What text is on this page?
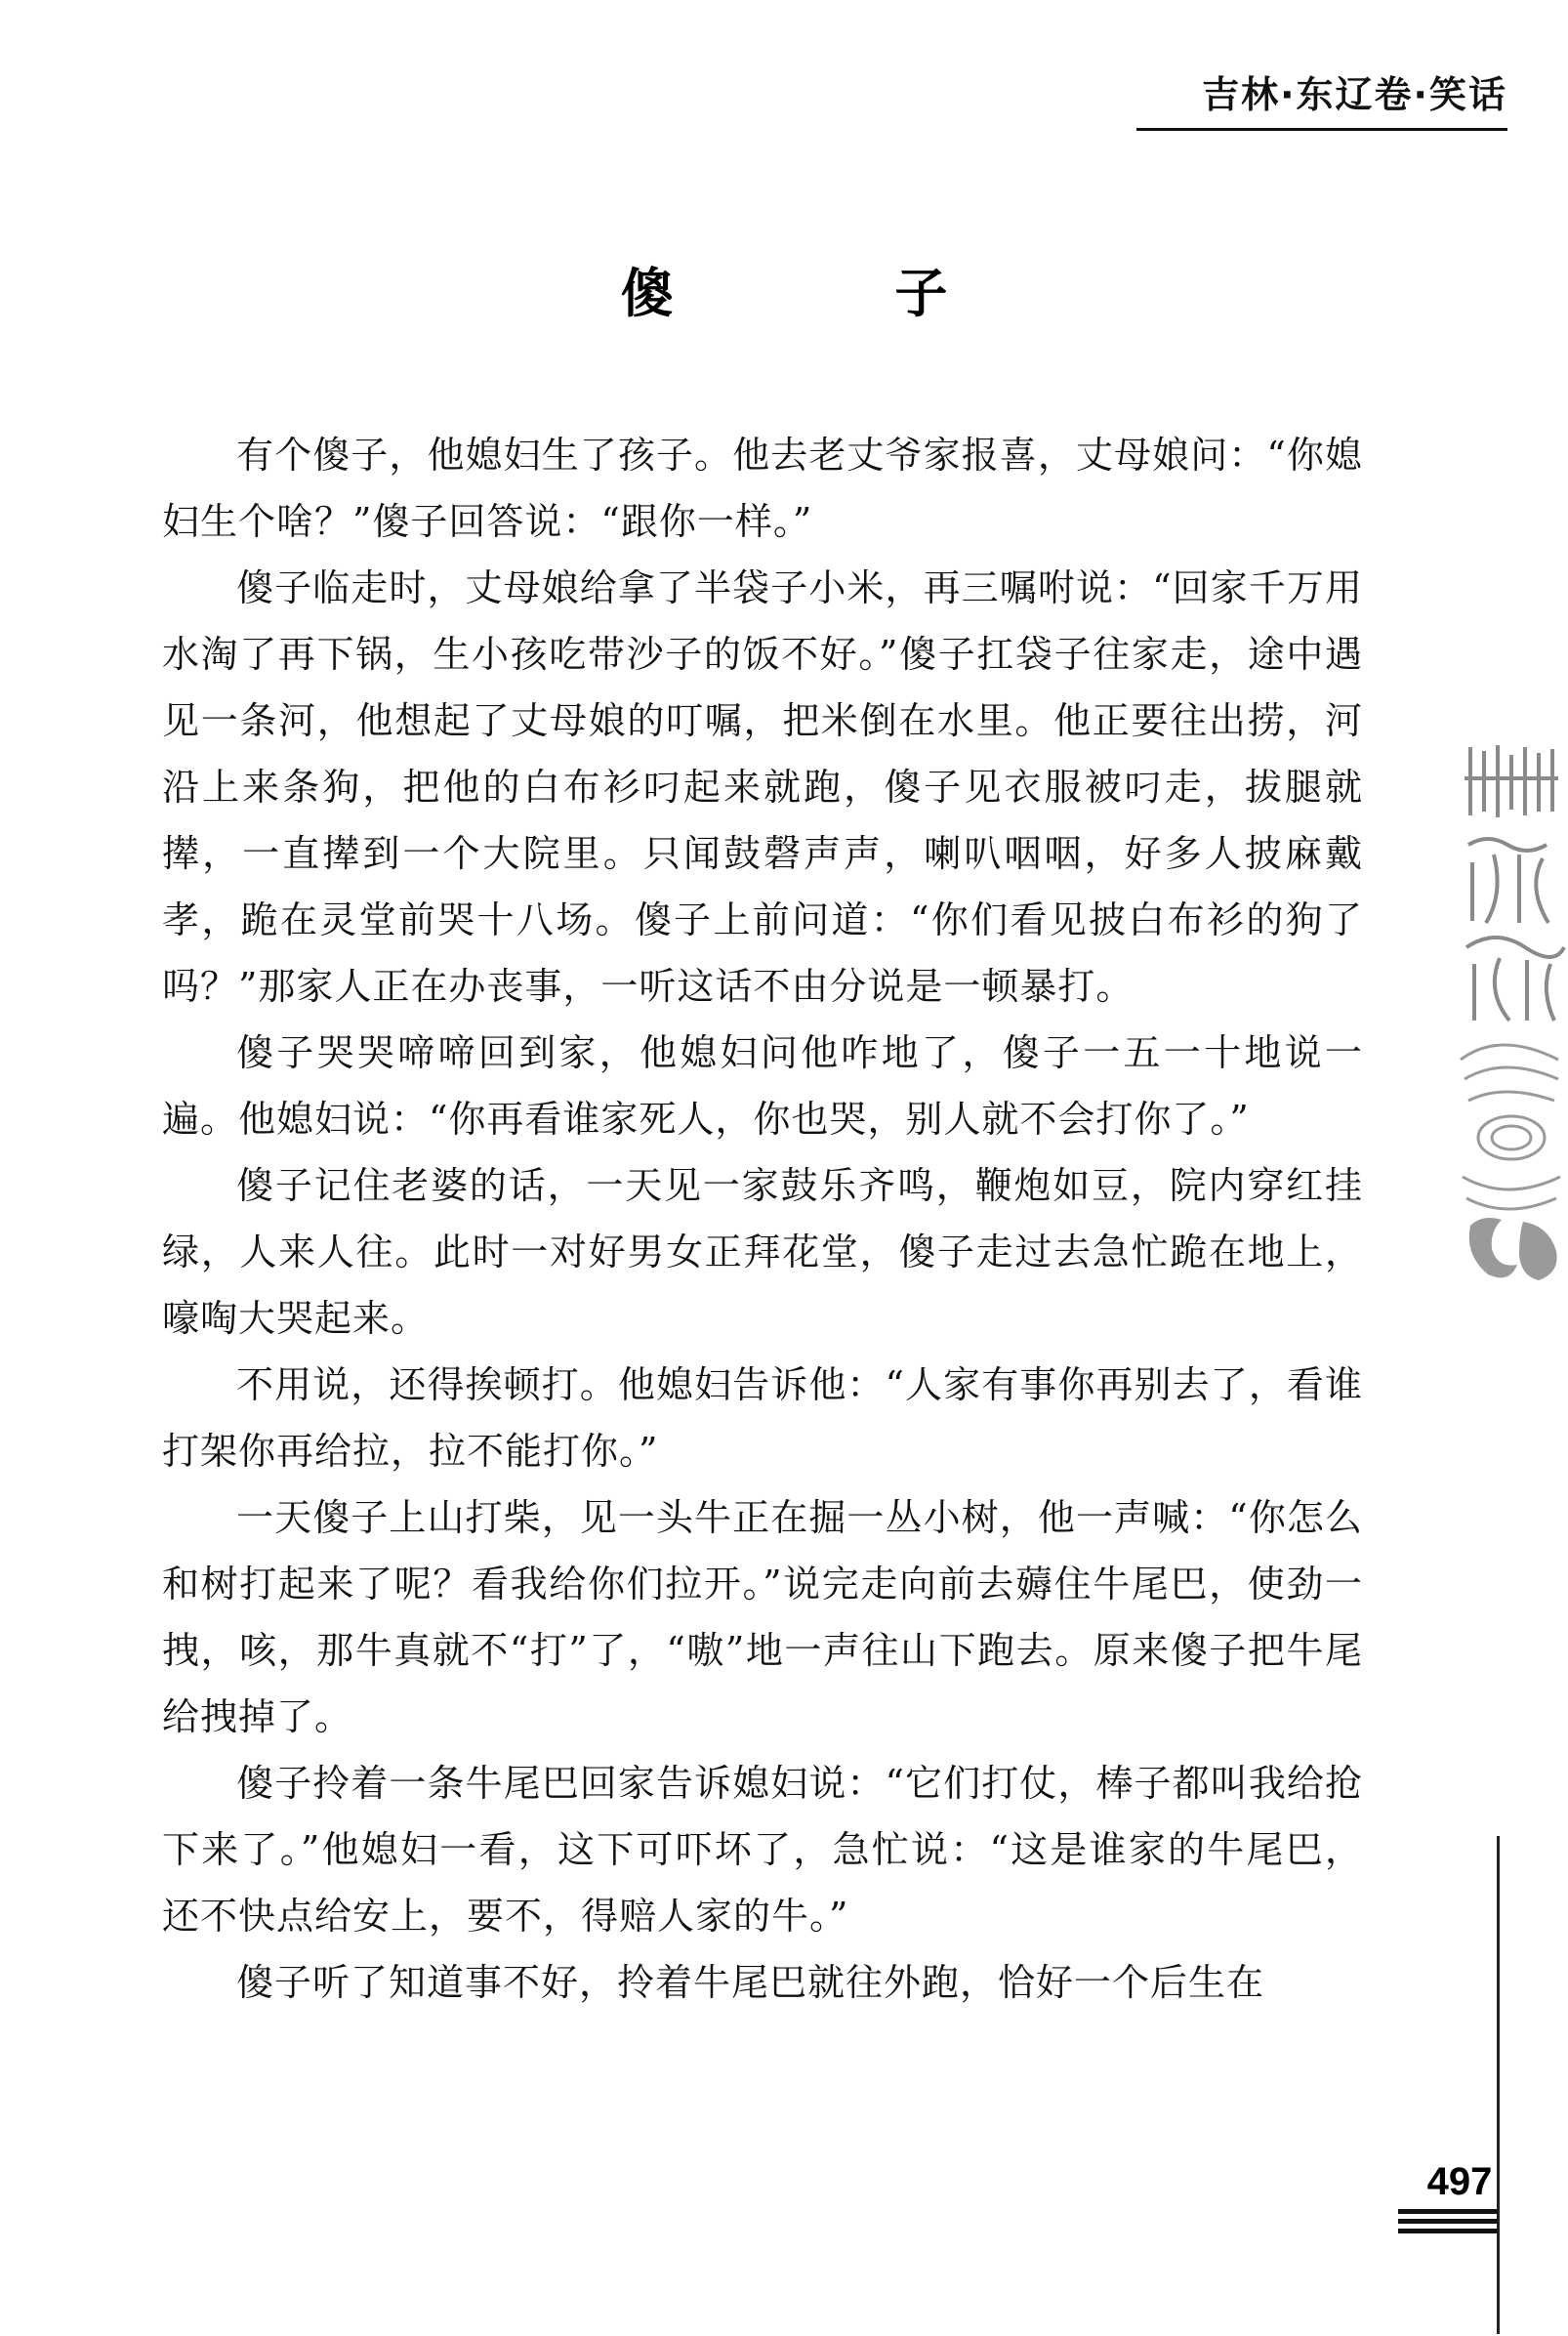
吉林·东辽卷·笑话
傻　子

有个傻子，他媳妇生了孩子。他去老丈爷家报喜，丈母娘问：“你媳妇生个啥？”傻子回答说：“跟你一样。”

傻子临走时，丈母娘给拿了半袋子小米，再三嘱咐说：“回家千万用水淘了再下锅，生小孩吃带沙子的饭不好。”傻子扛袋子往家走，途中遇见一条河，他想起了丈母娘的叮嘱，把米倒在水里。他正要往出捞，河沿上来条狗，把他的白布衫叼起来就跑，傻子见衣服被叼走，拔腿就撵，一直撵到一个大院里。只闻鼓磬声声，喇叭咽咽，好多人披麻戴孝，跪在灵堂前哭十八场。傻子上前问道：“你们看见披白布衫的狗了吗？”那家人正在办丧事，一听这话不由分说是一顿暴打。

傻子哭哭啼啼回到家，他媳妇问他咋地了，傻子一五一十地说一遍。他媳妇说：“你再看谁家死人，你也哭，别人就不会打你了。”

傻子记住老婆的话，一天见一家鼓乐齐鸣，鞭炮如豆，院内穿红挂绿，人来人往。此时一对好男女正拜花堂，傻子走过去急忙跪在地上，嚎啕大哭起来。

不用说，还得挨顿打。他媳妇告诉他：“人家有事你再别去了，看谁打架你再给拉，拉不能打你。”

一天傻子上山打柴，见一头牛正在掘一丛小树，他一声喊：“你怎么和树打起来了呢？看我给你们拉开。”说完走向前去薅住牛尾巴，使劲一拽，咳，那牛真就不“打”了，“嗷”地一声往山下跑去。原来傻子把牛尾给拽掉了。

傻子拎着一条牛尾巴回家告诉媳妇说：“它们打仗，棒子都叫我给抢下来了。”他媳妇一看，这下可吓坏了，急忙说：“这是谁家的牛尾巴，还不快点给安上，要不，得赔人家的牛。”

傻子听了知道事不好，拎着牛尾巴就往外跑，恰好一个后生在

497
